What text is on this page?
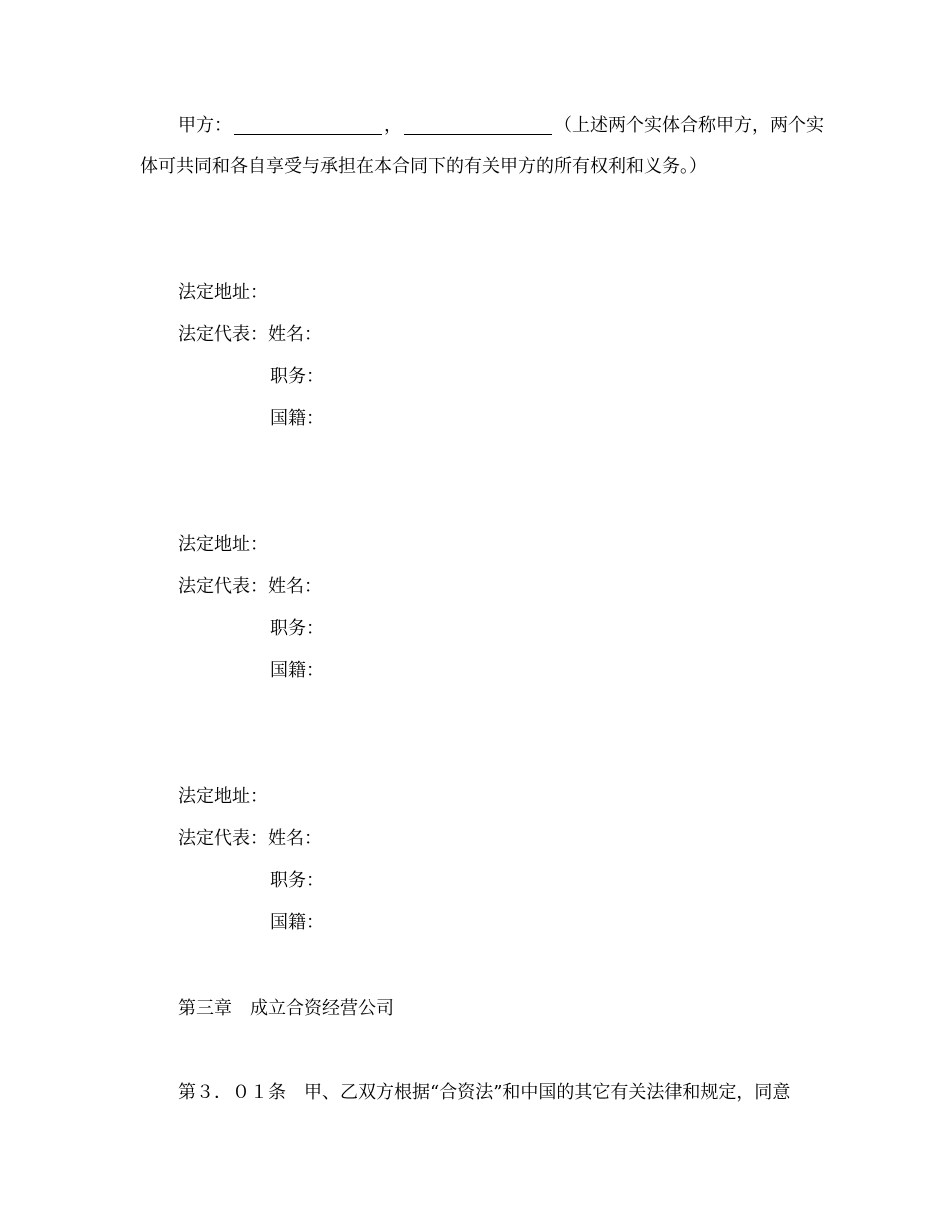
甲方：	，	（上述两个实体合称甲方，两个实
体可共同和各自享受与承担在本合同下的有关甲方的所有权利和义务。）
法定地址：
法定代表：姓名：
职务：
国籍：
法定地址：
法定代表：姓名：
职务：
国籍：
法定地址：
法定代表：姓名：
职务：
国籍：
第三章　成立合资经营公司
第３．０１条 甲、乙双方根据“合资法”和中国的其它有关法律和规定，同意
